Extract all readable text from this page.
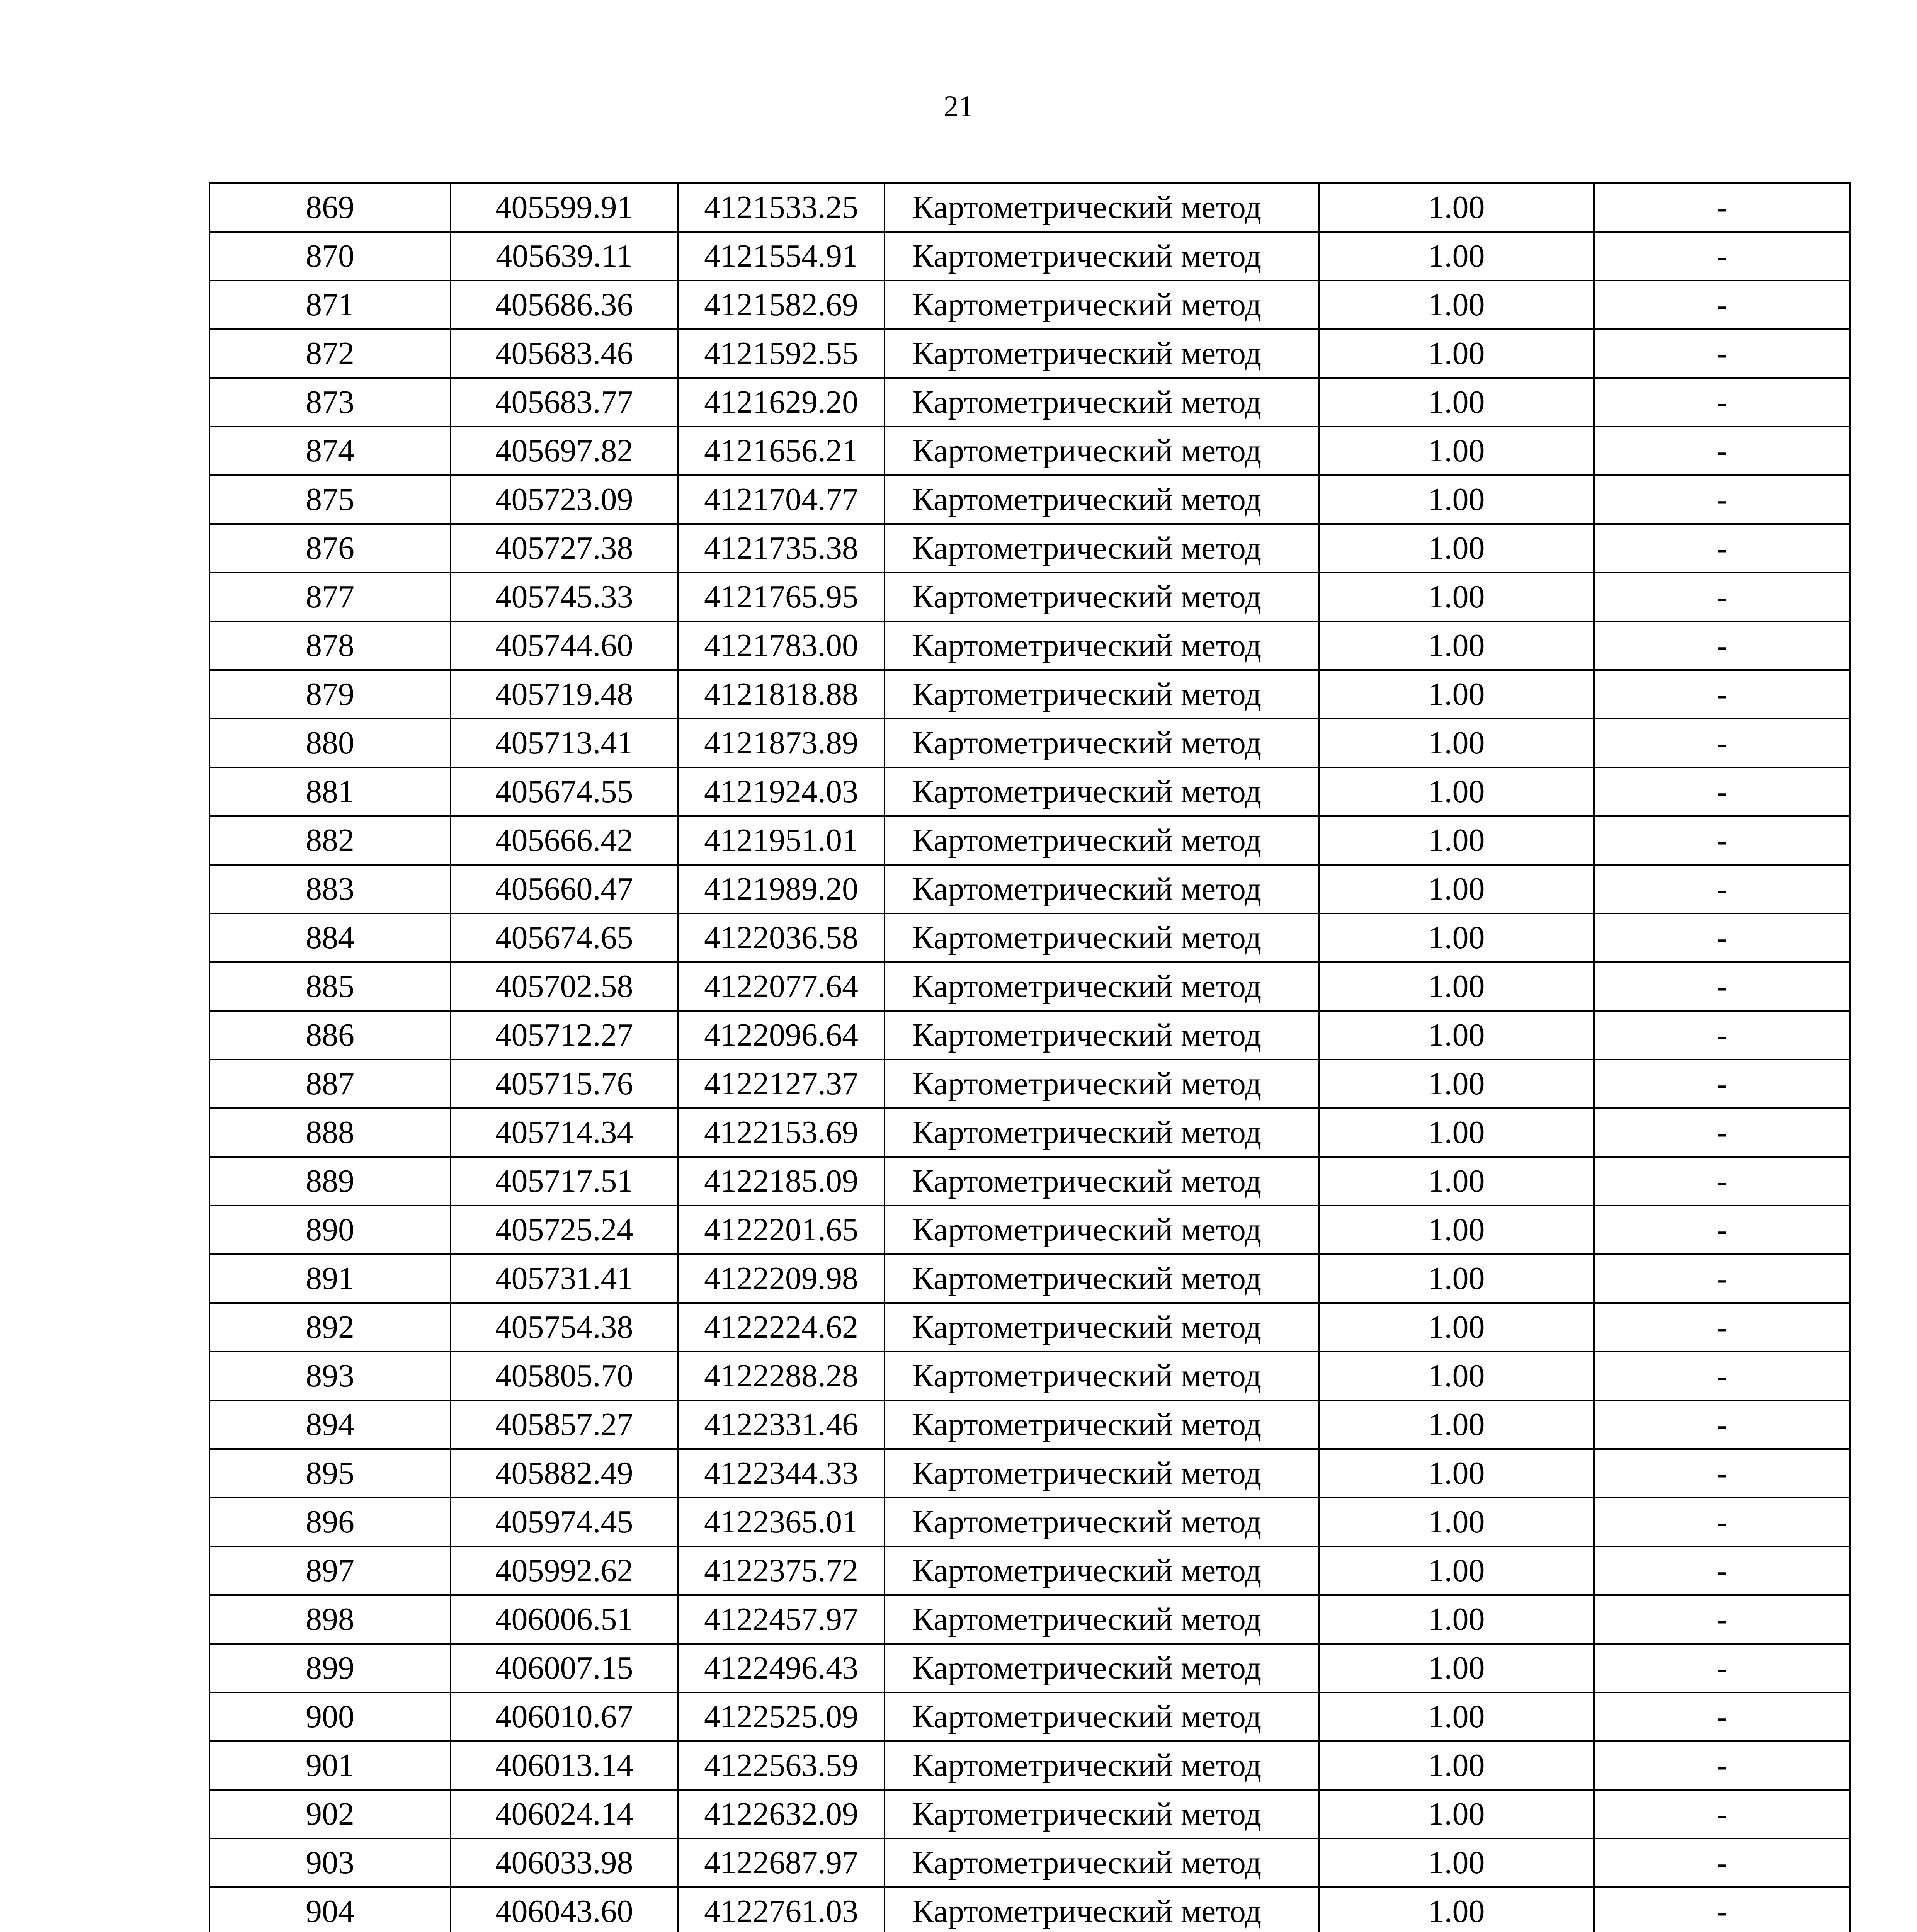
21
869	405599.91	4121533.25	Картометрический метод	1.00	-
870	405639.11	4121554.91	Картометрический метод	1.00	-
871	405686.36	4121582.69	Картометрический метод	1.00	-
872	405683.46	4121592.55	Картометрический метод	1.00	-
873	405683.77	4121629.20	Картометрический метод	1.00	-
874	405697.82	4121656.21	Картометрический метод	1.00	-
875	405723.09	4121704.77	Картометрический метод	1.00	-
876	405727.38	4121735.38	Картометрический метод	1.00	-
877	405745.33	4121765.95	Картометрический метод	1.00	-
878	405744.60	4121783.00	Картометрический метод	1.00	-
879	405719.48	4121818.88	Картометрический метод	1.00	-
880	405713.41	4121873.89	Картометрический метод	1.00	-
881	405674.55	4121924.03	Картометрический метод	1.00	-
882	405666.42	4121951.01	Картометрический метод	1.00	-
883	405660.47	4121989.20	Картометрический метод	1.00	-
884	405674.65	4122036.58	Картометрический метод	1.00	-
885	405702.58	4122077.64	Картометрический метод	1.00	-
886	405712.27	4122096.64	Картометрический метод	1.00	-
887	405715.76	4122127.37	Картометрический метод	1.00	-
888	405714.34	4122153.69	Картометрический метод	1.00	-
889	405717.51	4122185.09	Картометрический метод	1.00	-
890	405725.24	4122201.65	Картометрический метод	1.00	-
891	405731.41	4122209.98	Картометрический метод	1.00	-
892	405754.38	4122224.62	Картометрический метод	1.00	-
893	405805.70	4122288.28	Картометрический метод	1.00	-
894	405857.27	4122331.46	Картометрический метод	1.00	-
895	405882.49	4122344.33	Картометрический метод	1.00	-
896	405974.45	4122365.01	Картометрический метод	1.00	-
897	405992.62	4122375.72	Картометрический метод	1.00	-
898	406006.51	4122457.97	Картометрический метод	1.00	-
899	406007.15	4122496.43	Картометрический метод	1.00	-
900	406010.67	4122525.09	Картометрический метод	1.00	-
901	406013.14	4122563.59	Картометрический метод	1.00	-
902	406024.14	4122632.09	Картометрический метод	1.00	-
903	406033.98	4122687.97	Картометрический метод	1.00	-
904	406043.60	4122761.03	Картометрический метод	1.00	-
